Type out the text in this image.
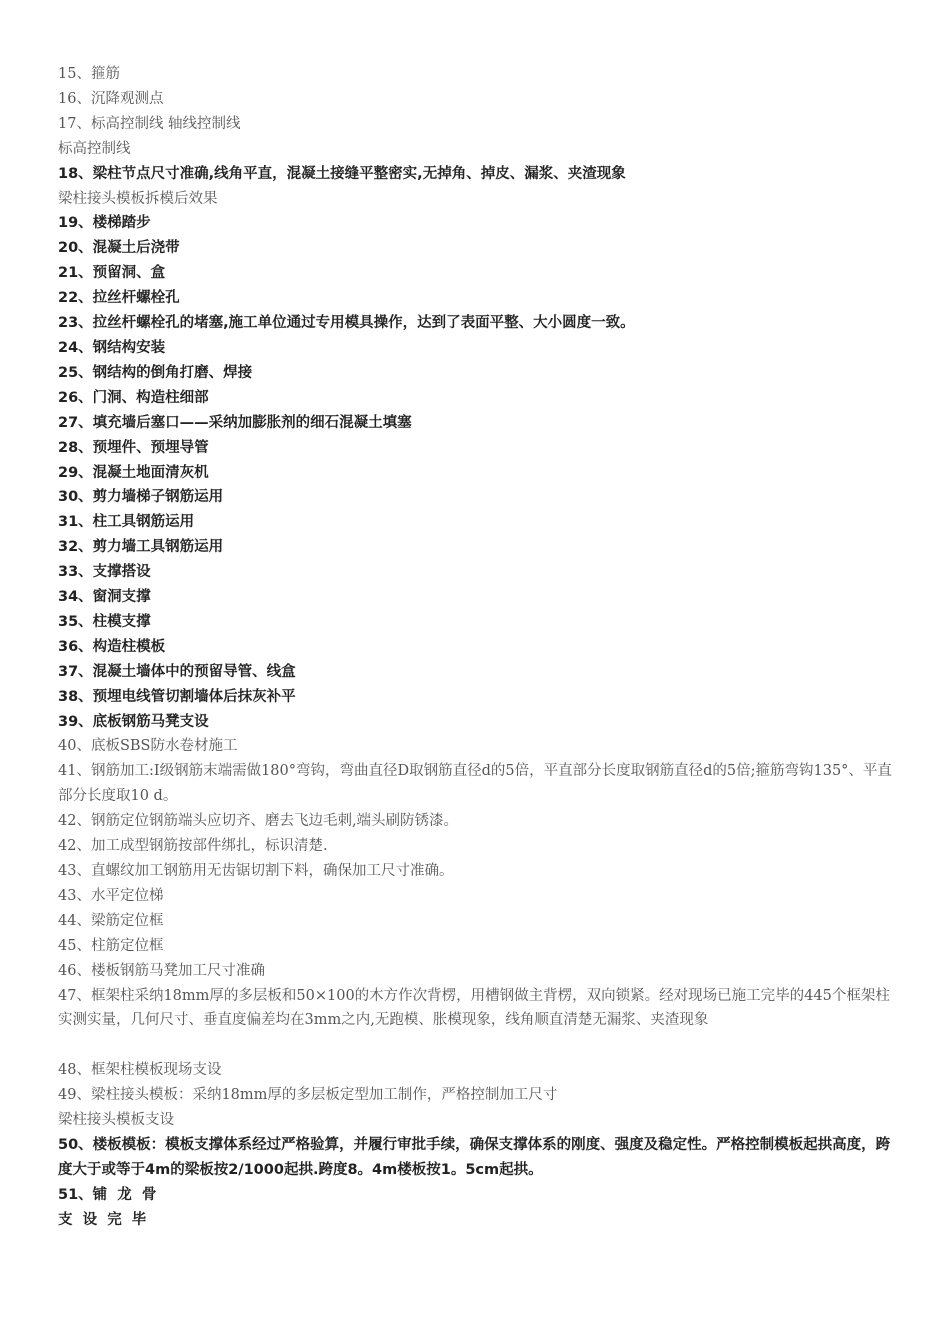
15、箍筋

16、沉降观测点

17、标高控制线 轴线控制线

标高控制线

18、梁柱节点尺寸准确,线角平直，混凝土接缝平整密实,无掉角、掉皮、漏浆、夹渣现象

梁柱接头模板拆模后效果

19、楼梯踏步

20、混凝土后浇带

21、预留洞、盒

22、拉丝杆螺栓孔

23、拉丝杆螺栓孔的堵塞,施工单位通过专用模具操作，达到了表面平整、大小圆度一致。

24、钢结构安装

25、钢结构的倒角打磨、焊接

26、门洞、构造柱细部

27、填充墙后塞口——采纳加膨胀剂的细石混凝土填塞

28、预埋件、预埋导管

29、混凝土地面清灰机

30、剪力墙梯子钢筋运用

31、柱工具钢筋运用

32、剪力墙工具钢筋运用

33、支撑搭设

34、窗洞支撑

35、柱模支撑

36、构造柱模板

37、混凝土墙体中的预留导管、线盒

38、预埋电线管切割墙体后抹灰补平

39、底板钢筋马凳支设

40、底板SBS防水卷材施工

41、钢筋加工:I级钢筋末端需做180°弯钩，弯曲直径D取钢筋直径d的5倍，平直部分长度取钢筋直径d的5倍;箍筋弯钩135°、平直部分长度取10 d。

42、钢筋定位钢筋端头应切齐、磨去飞边毛刺,端头刷防锈漆。

42、加工成型钢筋按部件绑扎，标识清楚.

43、直螺纹加工钢筋用无齿锯切割下料，确保加工尺寸准确。

43、水平定位梯

44、梁筋定位框

45、柱筋定位框

46、楼板钢筋马凳加工尺寸准确

47、框架柱采纳18mm厚的多层板和50×100的木方作次背楞，用槽钢做主背楞，双向锁紧。经对现场已施工完毕的445个框架柱实测实量，几何尺寸、垂直度偏差均在3mm之内,无跑模、胀模现象，线角顺直清楚无漏浆、夹渣现象

48、框架柱模板现场支设

49、梁柱接头模板：采纳18mm厚的多层板定型加工制作，严格控制加工尺寸

梁柱接头模板支设

50、楼板模板：模板支撑体系经过严格验算，并履行审批手续，确保支撑体系的刚度、强度及稳定性。严格控制模板起拱高度，跨度大于或等于4m的梁板按2/1000起拱.跨度8。4m楼板按1。5cm起拱。

51、铺  龙  骨

支  设  完  毕
